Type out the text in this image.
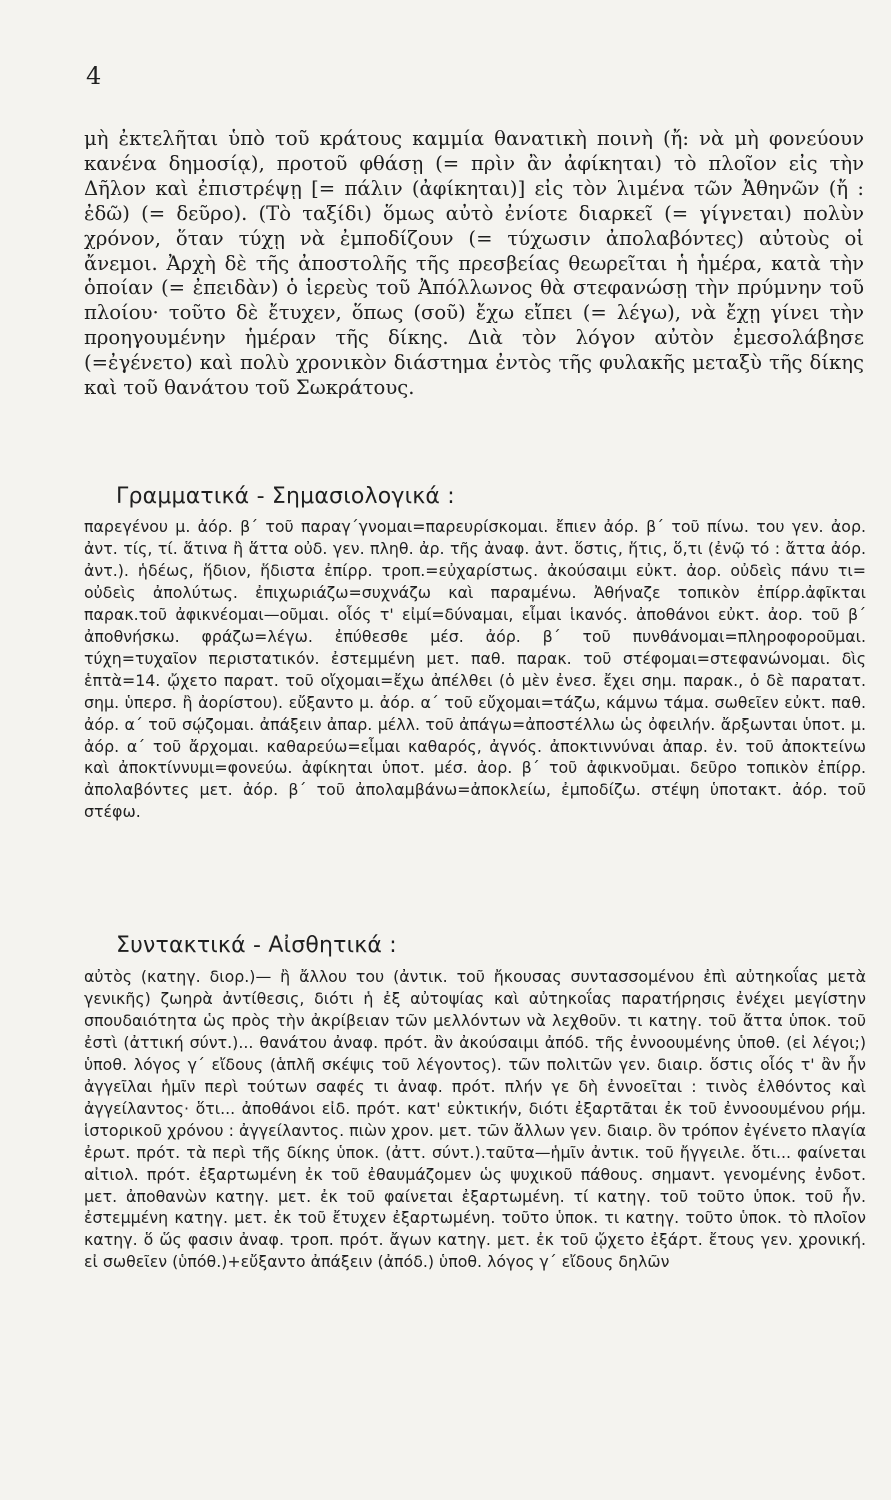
4

μὴ ἐκτελῆται ὑπὸ τοῦ κράτους καμμία θανατικὴ ποινὴ (ἤ: νὰ μὴ φονεύουν κανένα δημοσίᾳ), προτοῦ φθάσῃ (= πρὶν ἂν ἀφίκηται) τὸ πλοῖον εἰς τὴν Δῆλον καὶ ἐπιστρέψῃ [= πάλιν (ἀφίκηται)] εἰς τὸν λιμένα τῶν Ἀθηνῶν (ἤ : ἐδῶ) (= δεῦρο). (Τὸ ταξίδι) ὅμως αὐτὸ ἐνίοτε διαρκεῖ (= γίγνεται) πολὺν χρόνον, ὅταν τύχῃ νὰ ἐμποδίζουν (= τύχωσιν ἀπολαβόντες) αὐτοὺς οἱ ἄνεμοι. Ἀρχὴ δὲ τῆς ἀποστολῆς τῆς πρεσβείας θεωρεῖται ἡ ἡμέρα, κατὰ τὴν ὁποίαν (= ἐπειδὰν) ὁ ἱερεὺς τοῦ Ἀπόλλωνος θὰ στεφανώσῃ τὴν πρύμνην τοῦ πλοίου· τοῦτο δὲ ἔτυχεν, ὅπως (σοῦ) ἔχω εἴπει (= λέγω), νὰ ἔχῃ γίνει τὴν προηγουμένην ἡμέραν τῆς δίκης. Διὰ τὸν λόγον αὐτὸν ἐμεσολάβησε (=ἐγένετο) καὶ πολὺ χρονικὸν διάστημα ἐντὸς τῆς φυλακῆς μεταξὺ τῆς δίκης καὶ τοῦ θανάτου τοῦ Σωκράτους.

Γραμματικά - Σημασιολογικά :

παρεγένου μ. ἀόρ. β΄ τοῦ παραγ΄γνομαι=παρευρίσκομαι. ἔπιεν ἀόρ. β΄ τοῦ πίνω. του γεν. ἀορ. ἀντ. τίς, τί. ἅτινα ἢ ἅττα οὐδ. γεν. πληθ. ἀρ. τῆς ἀναφ. ἀντ. ὅστις, ἥτις, ὅ,τι (ἐνῷ τό : ἄττα ἀόρ. ἀντ.). ἡδέως, ἥδιον, ἥδιστα ἐπίρρ. τροπ.=εὐχαρίστως. ἀκούσαιμι εὐκτ. ἀορ. οὐδεὶς πάνυ τι= οὐδεὶς ἀπολύτως. ἐπιχωριάζω=συχνάζω καὶ παραμένω. Ἀθήναζε τοπικὸν ἐπίρρ.ἀφῖκται παρακ.τοῦ ἀφικνέομαι—οῦμαι. οἷός τ' εἰμί=δύναμαι, εἶμαι ἱκανός. ἀποθάνοι εὐκτ. ἀορ. τοῦ β΄ ἀποθνήσκω. φράζω=λέγω. ἐπύθεσθε μέσ. ἀόρ. β΄ τοῦ πυνθάνομαι=πληροφοροῦμαι. τύχη=τυχαῖον περιστατικόν. ἐστεμμένη μετ. παθ. παρακ. τοῦ στέφομαι=στεφανώνομαι. δὶς ἑπτὰ=14. ᾤχετο παρατ. τοῦ οἴχομαι=ἔχω ἀπέλθει (ὁ μὲν ἐνεσ. ἔχει σημ. παρακ., ὁ δὲ παρατατ. σημ. ὑπερσ. ἢ ἀορίστου). εὔξαντο μ. ἀόρ. α΄ τοῦ εὔχομαι=τάζω, κάμνω τάμα. σωθεῖεν εὐκτ. παθ. ἀόρ. α΄ τοῦ σῴζομαι. ἀπάξειν ἀπαρ. μέλλ. τοῦ ἀπάγω=ἀποστέλλω ὡς ὀφειλήν. ἄρξωνται ὑποτ. μ. ἀόρ. α΄ τοῦ ἄρχομαι. καθαρεύω=εἶμαι καθαρός, ἀγνός. ἀποκτιννύναι ἀπαρ. ἐν. τοῦ ἀποκτείνω καὶ ἀποκτίννυμι=φονεύω. ἀφίκηται ὑποτ. μέσ. ἀορ. β΄ τοῦ ἀφικνοῦμαι. δεῦρο τοπικὸν ἐπίρρ. ἀπολαβόντες μετ. ἀόρ. β΄ τοῦ ἀπολαμβάνω=ἀποκλείω, ἐμποδίζω. στέψη ὑποτακτ. ἀόρ. τοῦ στέφω.

Συντακτικά - Αἰσθητικά :

αὐτὸς (κατηγ. διορ.)— ἢ ἄλλου του (ἀντικ. τοῦ ἤκουσας συντασσομένου ἐπὶ αὐτηκοΐας μετὰ γενικῆς) ζωηρὰ ἀντίθεσις, διότι ἡ ἐξ αὐτοψίας καὶ αὐτηκοΐας παρατήρησις ἐνέχει μεγίστην σπουδαιότητα ὡς πρὸς τὴν ἀκρίβειαν τῶν μελλόντων νὰ λεχθοῦν. τι κατηγ. τοῦ ἄττα ὑποκ. τοῦ ἐστὶ (ἀττική σύντ.)... θανάτου ἀναφ. πρότ. ἂν ἀκούσαιμι ἀπόδ. τῆς ἐννοουμένης ὑποθ. (εἰ λέγοι;) ὑποθ. λόγος γ΄ εἴδους (ἁπλῆ σκέψις τοῦ λέγοντος). τῶν πολιτῶν γεν. διαιρ. ὅστις οἷός τ' ἂν ἦν ἀγγεῖλαι ἡμῖν περὶ τούτων σαφές τι ἀναφ. πρότ. πλήν γε δὴ ἐννοεῖται : τινὸς ἐλθόντος καὶ ἀγγείλαντος· ὅτι... ἀποθάνοι εἰδ. πρότ. κατ' εὐκτικήν, διότι ἐξαρτᾶται ἐκ τοῦ ἐννοουμένου ρήμ. ἱστορικοῦ χρόνου : ἀγγείλαντος. πιὼν χρον. μετ. τῶν ἄλλων γεν. διαιρ. ὃν τρόπον ἐγένετο πλαγία ἐρωτ. πρότ. τὰ περὶ τῆς δίκης ὑποκ. (ἀττ. σύντ.).ταῦτα—ἡμῖν ἀντικ. τοῦ ἤγγειλε. ὅτι... φαίνεται αἰτιολ. πρότ. ἐξαρτωμένη ἐκ τοῦ ἐθαυμάζομεν ὡς ψυχικοῦ πάθους. σημαντ. γενομένης ἐνδοτ. μετ. ἀποθανὼν κατηγ. μετ. ἐκ τοῦ φαίνεται ἐξαρτωμένη. τί κατηγ. τοῦ τοῦτο ὑποκ. τοῦ ἦν. ἐστεμμένη κατηγ. μετ. ἐκ τοῦ ἔτυχεν ἐξαρτωμένη. τοῦτο ὑποκ. τι κατηγ. τοῦτο ὑποκ. τὸ πλοῖον κατηγ. ὅ ὥς φασιν ἀναφ. τροπ. πρότ. ἄγων κατηγ. μετ. ἐκ τοῦ ᾤχετο ἐξάρτ. ἔτους γεν. χρονική. εἰ σωθεῖεν (ὑπόθ.)+εὔξαντο ἀπάξειν (ἀπόδ.) ὑποθ. λόγος γ΄ εἴδους δηλῶν
